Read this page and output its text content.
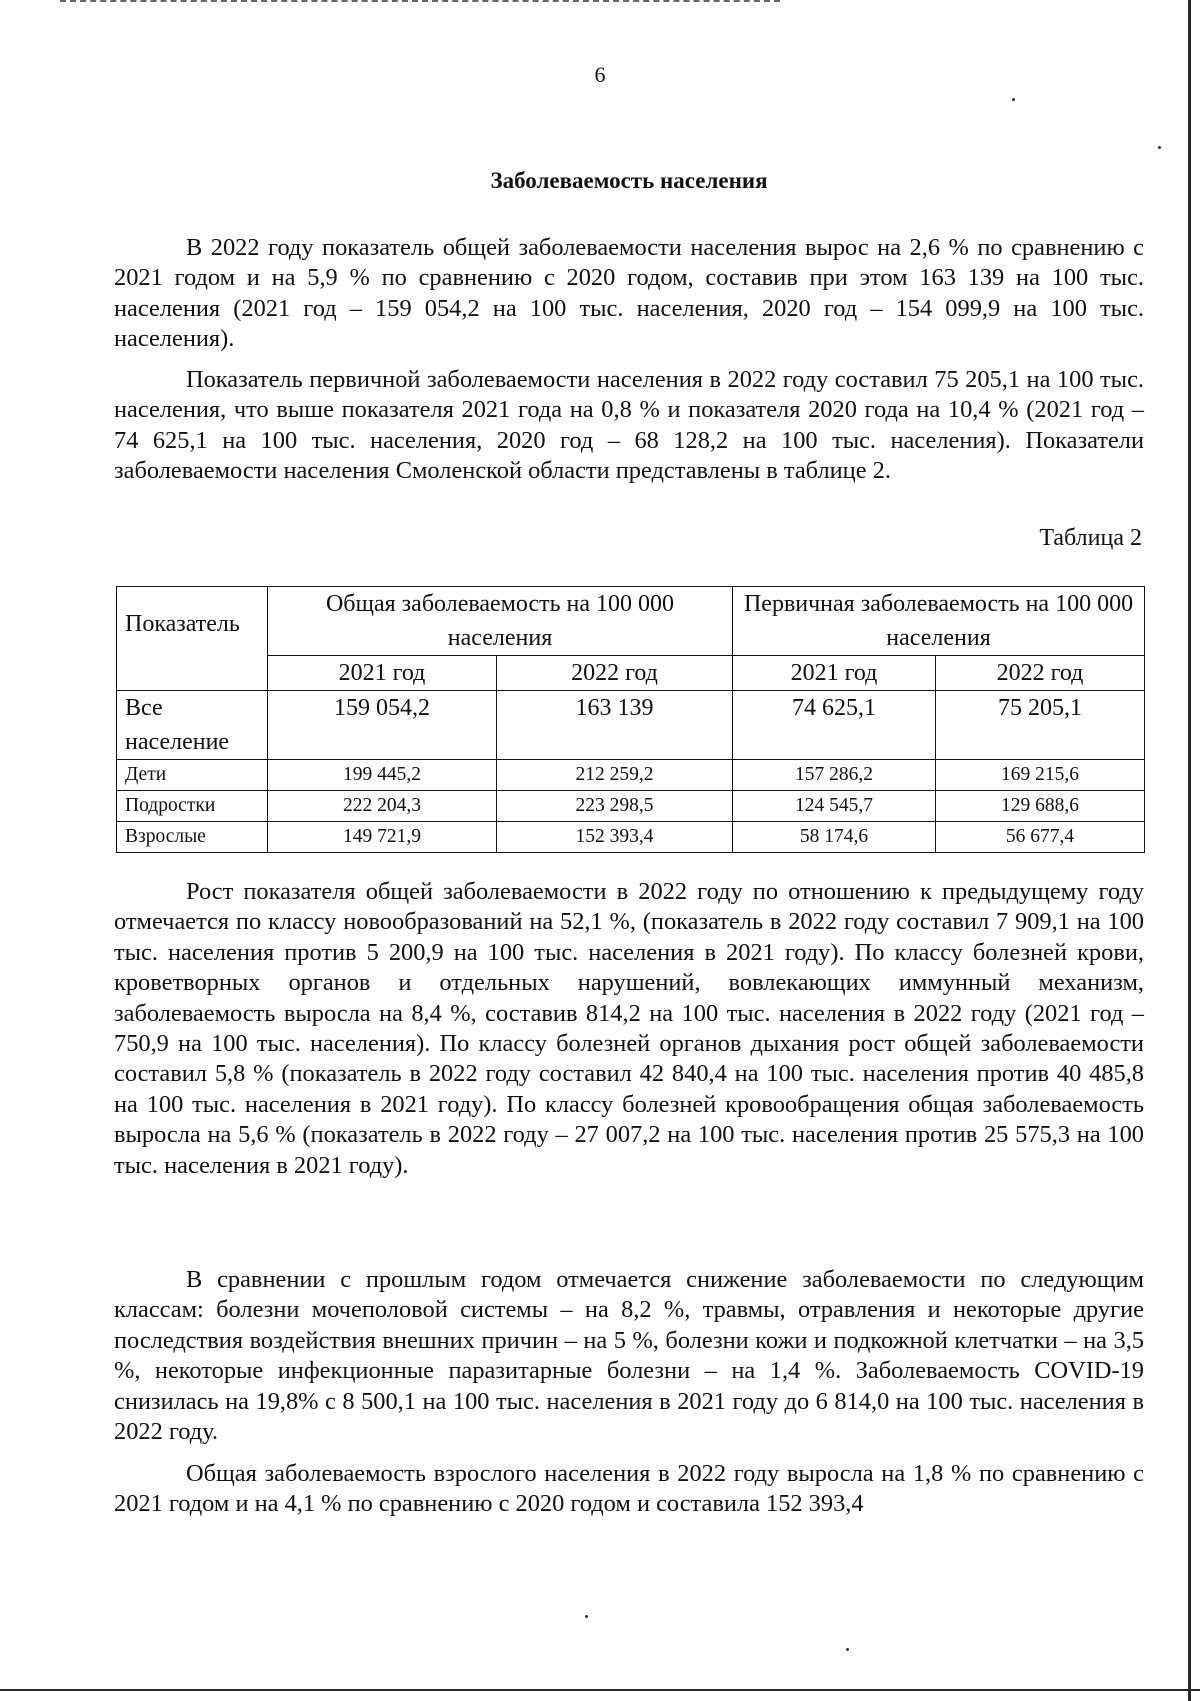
6
Заболеваемость населения

В 2022 году показатель общей заболеваемости населения вырос на 2,6 % по сравнению с 2021 годом и на 5,9 % по сравнению с 2020 годом, составив при этом 163 139 на 100 тыс. населения (2021 год – 159 054,2 на 100 тыс. населения, 2020 год – 154 099,9 на 100 тыс. населения).

Показатель первичной заболеваемости населения в 2022 году составил 75 205,1 на 100 тыс. населения, что выше показателя 2021 года на 0,8 % и показателя 2020 года на 10,4 % (2021 год – 74 625,1 на 100 тыс. населения, 2020 год – 68 128,2 на 100 тыс. населения). Показатели заболеваемости населения Смоленской области представлены в таблице 2.

Таблица 2
Показатель	Общая заболеваемость на 100 000 населения		Первичная заболеваемость на 100 000 населения	
	2021 год	2022 год	2021 год	2022 год
Все население	159 054,2	163 139	74 625,1	75 205,1
Дети	199 445,2	212 259,2	157 286,2	169 215,6
Подростки	222 204,3	223 298,5	124 545,7	129 688,6
Взрослые	149 721,9	152 393,4	58 174,6	56 677,4

Рост показателя общей заболеваемости в 2022 году по отношению к предыдущему году отмечается по классу новообразований на 52,1 %, (показатель в 2022 году составил 7 909,1 на 100 тыс. населения против 5 200,9 на 100 тыс. населения в 2021 году). По классу болезней крови, кроветворных органов и отдельных нарушений, вовлекающих иммунный механизм, заболеваемость выросла на 8,4 %, составив 814,2 на 100 тыс. населения в 2022 году (2021 год – 750,9 на 100 тыс. населения). По классу болезней органов дыхания рост общей заболеваемости составил 5,8 % (показатель в 2022 году составил 42 840,4 на 100 тыс. населения против 40 485,8 на 100 тыс. населения в 2021 году). По классу болезней кровообращения общая заболеваемость выросла на 5,6 % (показатель в 2022 году – 27 007,2 на 100 тыс. населения против 25 575,3 на 100 тыс. населения в 2021 году).

В сравнении с прошлым годом отмечается снижение заболеваемости по следующим классам: болезни мочеполовой системы – на 8,2 %, травмы, отравления и некоторые другие последствия воздействия внешних причин – на 5 %, болезни кожи и подкожной клетчатки – на 3,5 %, некоторые инфекционные паразитарные болезни – на 1,4 %. Заболеваемость COVID-19 снизилась на 19,8% с 8 500,1 на 100 тыс. населения в 2021 году до 6 814,0 на 100 тыс. населения в 2022 году.

Общая заболеваемость взрослого населения в 2022 году выросла на 1,8 % по сравнению с 2021 годом и на 4,1 % по сравнению с 2020 годом и составила 152 393,4
